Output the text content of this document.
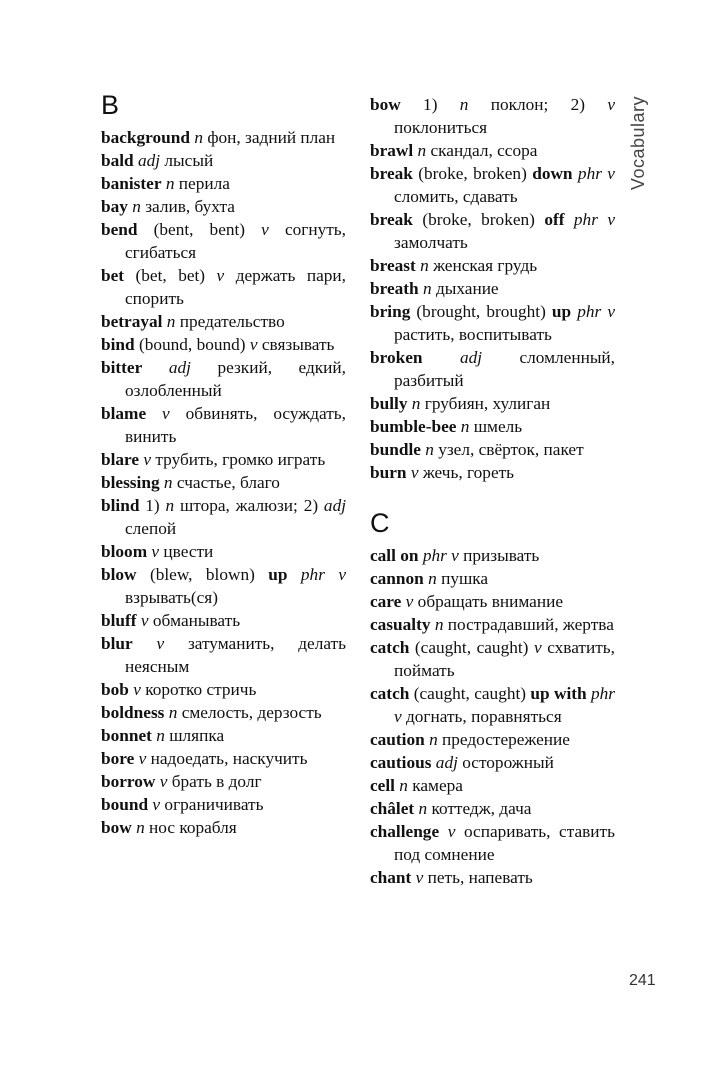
B
background n фон, задний план
bald adj лысый
banister n перила
bay n залив, бухта
bend (bent, bent) v согнуть, сгибаться
bet (bet, bet) v держать пари, спорить
betrayal n предательство
bind (bound, bound) v связывать
bitter adj резкий, едкий, озлобленный
blame v обвинять, осуждать, винить
blare v трубить, громко играть
blessing n счастье, благо
blind 1) n штора, жалюзи; 2) adj слепой
bloom v цвести
blow (blew, blown) up phr v взрывать(ся)
bluff v обманывать
blur v затуманить, делать неясным
bob v коротко стричь
boldness n смелость, дерзость
bonnet n шляпка
bore v надоедать, наскучить
borrow v брать в долг
bound v ограничивать
bow n нос корабля
bow 1) n поклон; 2) v поклониться
brawl n скандал, ссора
break (broke, broken) down phr v сломить, сдавать
break (broke, broken) off phr v замолчать
breast n женская грудь
breath n дыхание
bring (brought, brought) up phr v растить, воспитывать
broken adj сломленный, разбитый
bully n грубиян, хулиган
bumble-bee n шмель
bundle n узел, свёрток, пакет
burn v жечь, гореть
C
call on phr v призывать
cannon n пушка
care v обращать внимание
casualty n пострадавший, жертва
catch (caught, caught) v схватить, поймать
catch (caught, caught) up with phr v догнать, поравняться
caution n предостережение
cautious adj осторожный
cell n камера
châlet n коттедж, дача
challenge v оспаривать, ставить под сомнение
chant v петь, напевать
Vocabulary
241
